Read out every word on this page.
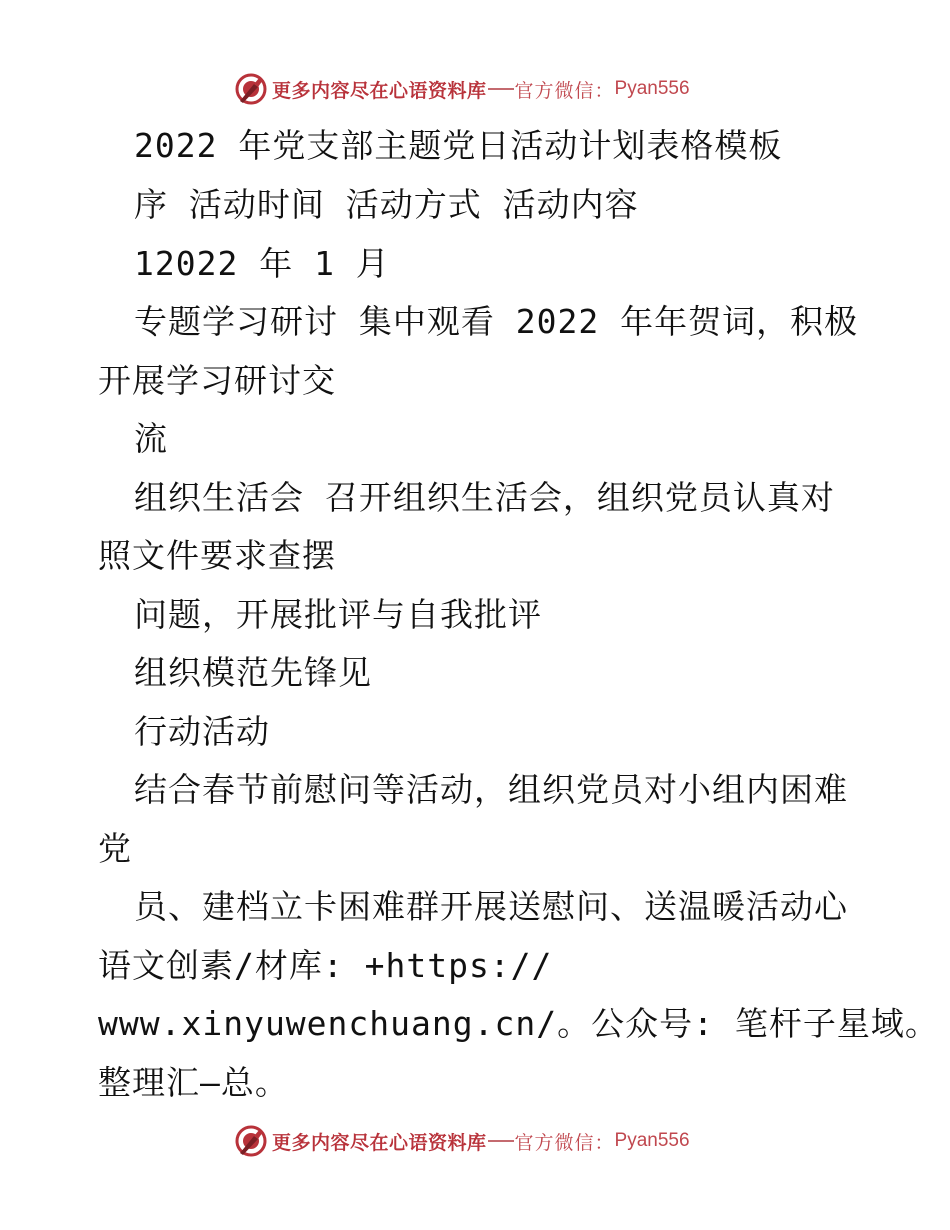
更多内容尽在心语资料库 官方微信： Pyan556
2022 年党支部主题党日活动计划表格模板
序 活动时间 活动方式 活动内容
12022 年 1 月
专题学习研讨 集中观看 2022 年年贺词，积极
开展学习研讨交
流
组织生活会 召开组织生活会，组织党员认真对
照文件要求查摆
问题，开展批评与自我批评
组织模范先锋见
行动活动
结合春节前慰问等活动，组织党员对小组内困难
党
员、建档立卡困难群开展送慰问、送温暖活动心
语文创素/材库: +https://
www.xinyuwenchuang.cn/。公众号: 笔杆子星域。
整理汇—总。
更多内容尽在心语资料库 官方微信： Pyan556
